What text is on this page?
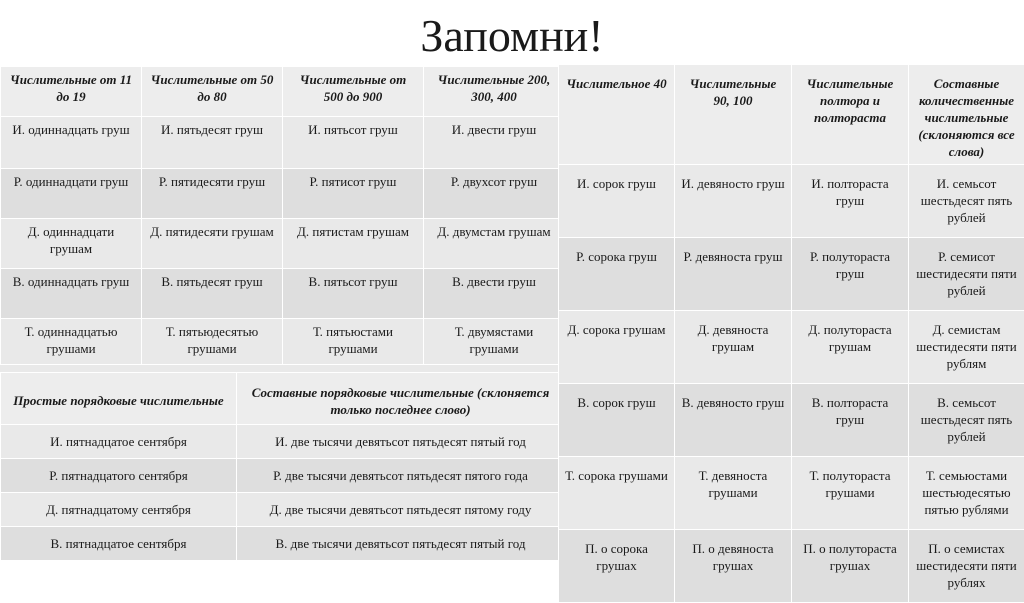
Запомни!
Числительные от 11 до 19	Числительные от 50 до 80	Числительные от 500 до 900	Числительные 200, 300, 400
И. одиннадцать груш	И. пятьдесят груш	И. пятьсот груш	И. двести груш
Р. одиннадцати груш	Р. пятидесяти груш	Р. пятисот груш	Р. двухсот груш
Д. одиннадцати грушам	Д. пятидесяти грушам	Д. пятистам грушам	Д. двумстам грушам
В. одиннадцать груш	В. пятьдесят груш	В. пятьсот груш	В. двести груш
Т. одиннадцатью грушами	Т. пятьюдесятью грушами	Т. пятьюстами грушами	Т. двумястами грушами
Простые порядковые числительные	Составные порядковые числительные (склоняется только последнее слово)
И. пятнадцатое сентября	И. две тысячи девятьсот пятьдесят пятый год
Р. пятнадцатого сентября	Р. две тысячи девятьсот пятьдесят пятого года
Д. пятнадцатому сентября	Д. две тысячи девятьсот пятьдесят пятому году
В. пятнадцатое сентября	В. две тысячи девятьсот пятьдесят пятый год
Числительное 40	Числительные 90, 100	Числительные полтора и полтораста	Составные количественные числительные (склоняются все слова)
И. сорок груш	И. девяносто груш	И. полтораста груш	И. семьсот шестьдесят пять рублей
Р. сорока груш	Р. девяноста груш	Р. полутораста груш	Р. семисот шестидесяти пяти рублей
Д. сорока грушам	Д. девяноста грушам	Д. полутораста грушам	Д. семистам шестидесяти пяти рублям
В. сорок груш	В. девяносто груш	В. полтораста груш	В. семьсот шестьдесят пять рублей
Т. сорока грушами	Т. девяноста грушами	Т. полутораста грушами	Т. семьюстами шестьюдесятью пятью рублями
П. о сорока грушах	П. о девяноста грушах	П. о полутораста грушах	П. о семистах шестидесяти пяти рублях
